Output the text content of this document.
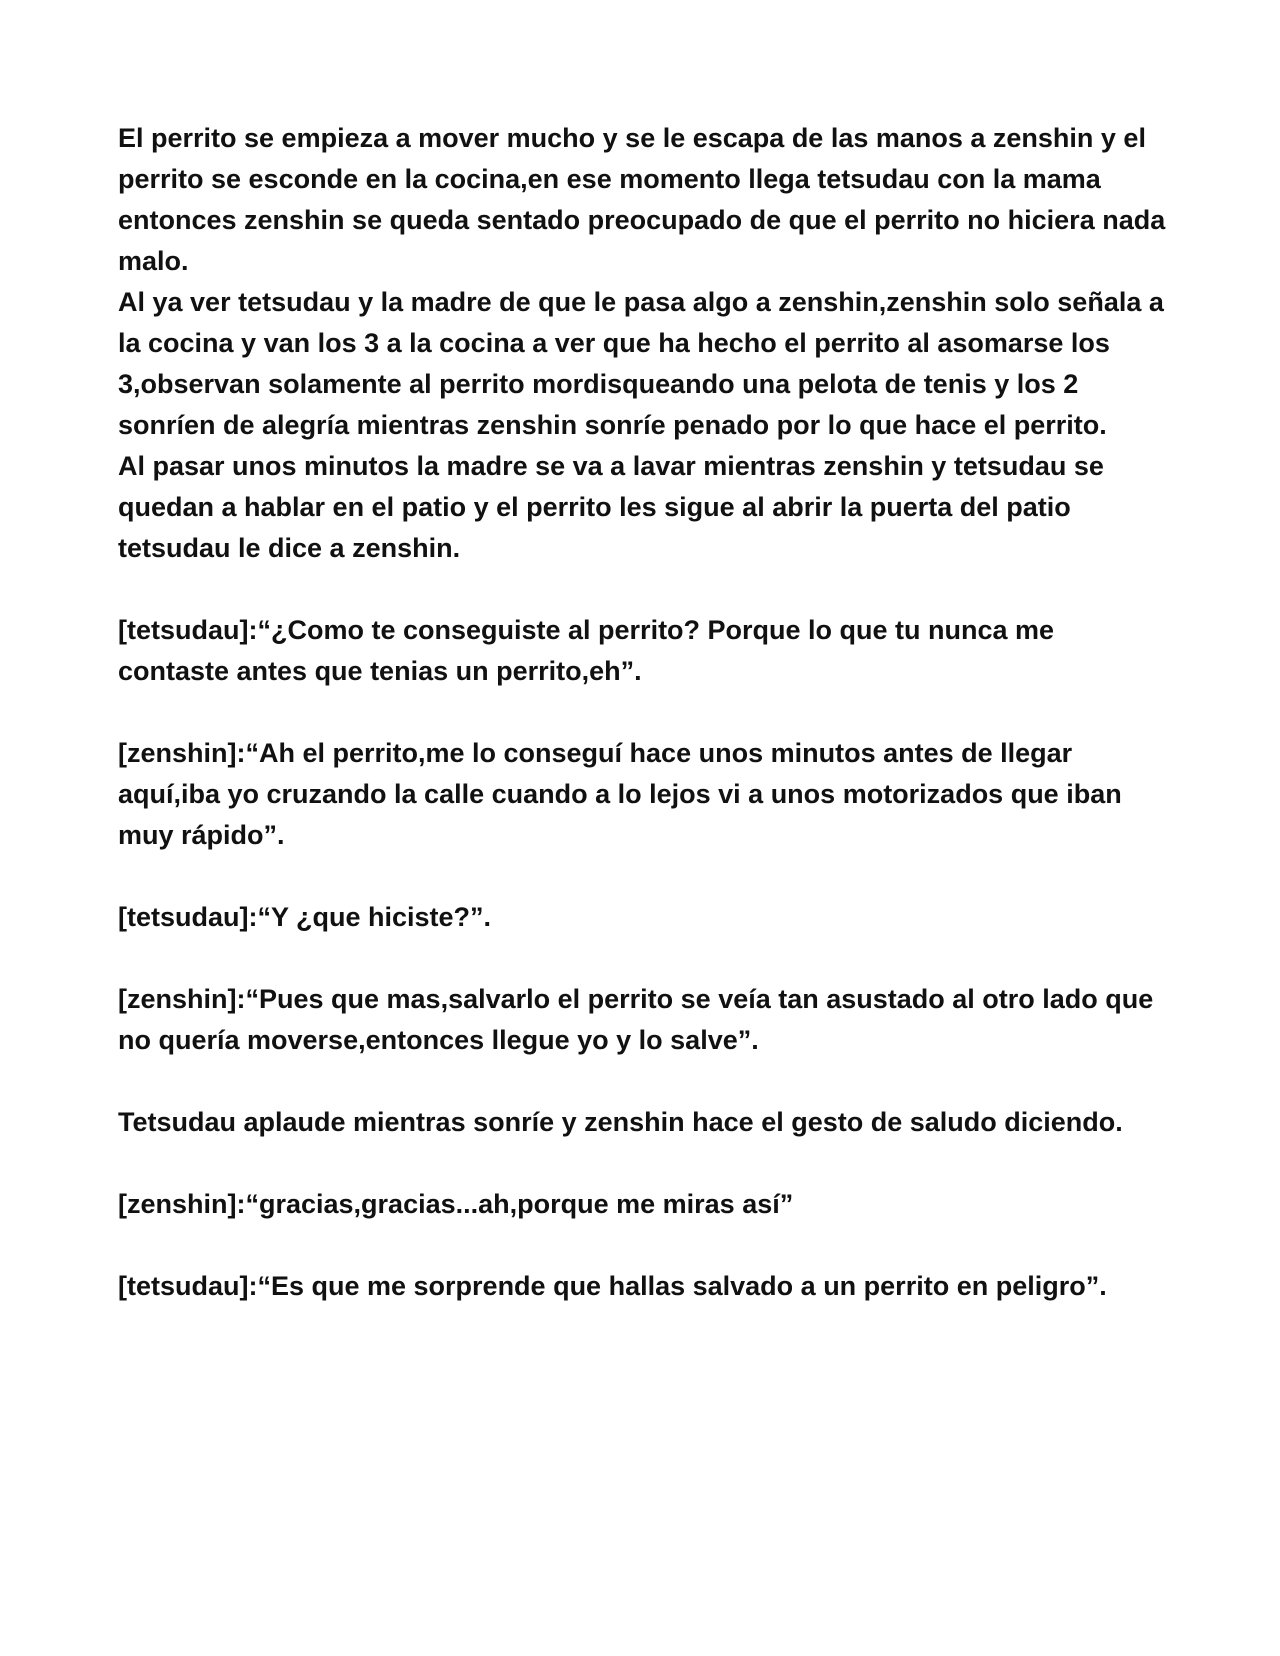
El perrito se empieza a mover mucho y se le escapa de las manos a zenshin y el perrito se esconde en la cocina,en ese momento llega tetsudau con la mama entonces zenshin se queda sentado preocupado de que el perrito no hiciera nada malo.

Al ya ver tetsudau y la madre de que le pasa algo a zenshin,zenshin solo señala a la cocina y van los 3 a la cocina a ver que ha hecho el perrito al asomarse los 3,observan solamente al perrito mordisqueando una pelota de tenis y los 2 sonríen de alegría mientras zenshin sonríe penado por lo que hace el perrito.

Al pasar unos minutos la madre se va a lavar mientras zenshin y tetsudau se quedan a hablar en el patio y el perrito les sigue al abrir la puerta del patio tetsudau le dice a zenshin.

[tetsudau]:“¿Como te conseguiste al perrito? Porque lo que tu nunca me contaste antes que tenias un perrito,eh”.

[zenshin]:“Ah el perrito,me lo conseguí hace unos minutos antes de llegar aquí,iba yo cruzando la calle cuando a lo lejos vi a unos motorizados que iban muy rápido”.

[tetsudau]:“Y ¿que hiciste?”.

[zenshin]:“Pues que mas,salvarlo el perrito se veía tan asustado al otro lado que no quería moverse,entonces llegue yo y lo salve”.

Tetsudau aplaude mientras sonríe y zenshin hace el gesto de saludo diciendo.

[zenshin]:“gracias,gracias...ah,porque me miras así”

[tetsudau]:“Es que me sorprende que hallas salvado a un perrito en peligro”.
